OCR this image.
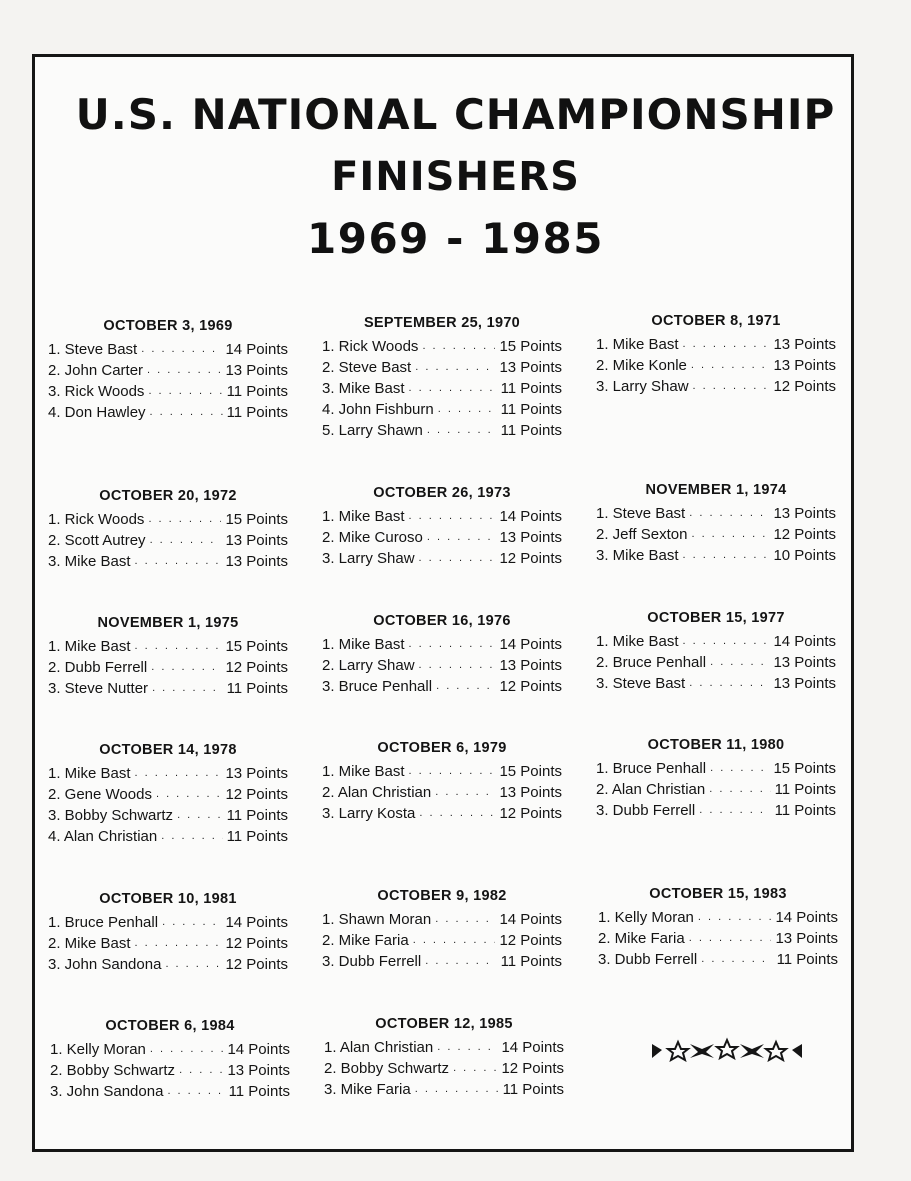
U.S. NATIONAL CHAMPIONSHIP
FINISHERS
1969 - 1985
OCTOBER 3, 1969
1. Steve Bast . . .	14 Points
2. John Carter . . .	13 Points
3. Rick Woods . . .	11 Points
4. Don Hawley . . .	11 Points
SEPTEMBER 25, 1970
1. Rick Woods . . .	15 Points
2. Steve Bast . . .	13 Points
3. Mike Bast . . .	11 Points
4. John Fishburn . . .	11 Points
5. Larry Shawn . . .	11 Points
OCTOBER 8, 1971
1. Mike Bast . . .	13 Points
2. Mike Konle . . .	13 Points
3. Larry Shaw . . .	12 Points
OCTOBER 20, 1972
1. Rick Woods . . .	15 Points
2. Scott Autrey . . .	13 Points
3. Mike Bast . . .	13 Points
OCTOBER 26, 1973
1. Mike Bast . . .	14 Points
2. Mike Curoso . . .	13 Points
3. Larry Shaw . . .	12 Points
NOVEMBER 1, 1974
1. Steve Bast . . .	13 Points
2. Jeff Sexton . . .	12 Points
3. Mike Bast . . .	10 Points
NOVEMBER 1, 1975
1. Mike Bast . . .	15 Points
2. Dubb Ferrell . . .	12 Points
3. Steve Nutter . . .	11 Points
OCTOBER 16, 1976
1. Mike Bast . . .	14 Points
2. Larry Shaw . . .	13 Points
3. Bruce Penhall . . .	12 Points
OCTOBER 15, 1977
1. Mike Bast . . .	14 Points
2. Bruce Penhall . . .	13 Points
3. Steve Bast . . .	13 Points
OCTOBER 14, 1978
1. Mike Bast . . .	13 Points
2. Gene Woods . . .	12 Points
3. Bobby Schwartz . . .	11 Points
4. Alan Christian . . .	11 Points
OCTOBER 6, 1979
1. Mike Bast . . .	15 Points
2. Alan Christian . . .	13 Points
3. Larry Kosta . . .	12 Points
OCTOBER 11, 1980
1. Bruce Penhall . . .	15 Points
2. Alan Christian . . .	11 Points
3. Dubb Ferrell . . .	11 Points
OCTOBER 10, 1981
1. Bruce Penhall . . .	14 Points
2. Mike Bast . . .	12 Points
3. John Sandona . . .	12 Points
OCTOBER 9, 1982
1. Shawn Moran . . .	14 Points
2. Mike Faria . . .	12 Points
3. Dubb Ferrell . . .	11 Points
OCTOBER 15, 1983
1. Kelly Moran . . .	14 Points
2. Mike Faria . . .	13 Points
3. Dubb Ferrell . . .	11 Points
OCTOBER 6, 1984
1. Kelly Moran . . .	14 Points
2. Bobby Schwartz . . .	13 Points
3. John Sandona . . .	11 Points
OCTOBER 12, 1985
1. Alan Christian . . .	14 Points
2. Bobby Schwartz . . .	12 Points
3. Mike Faria . . .	11 Points
